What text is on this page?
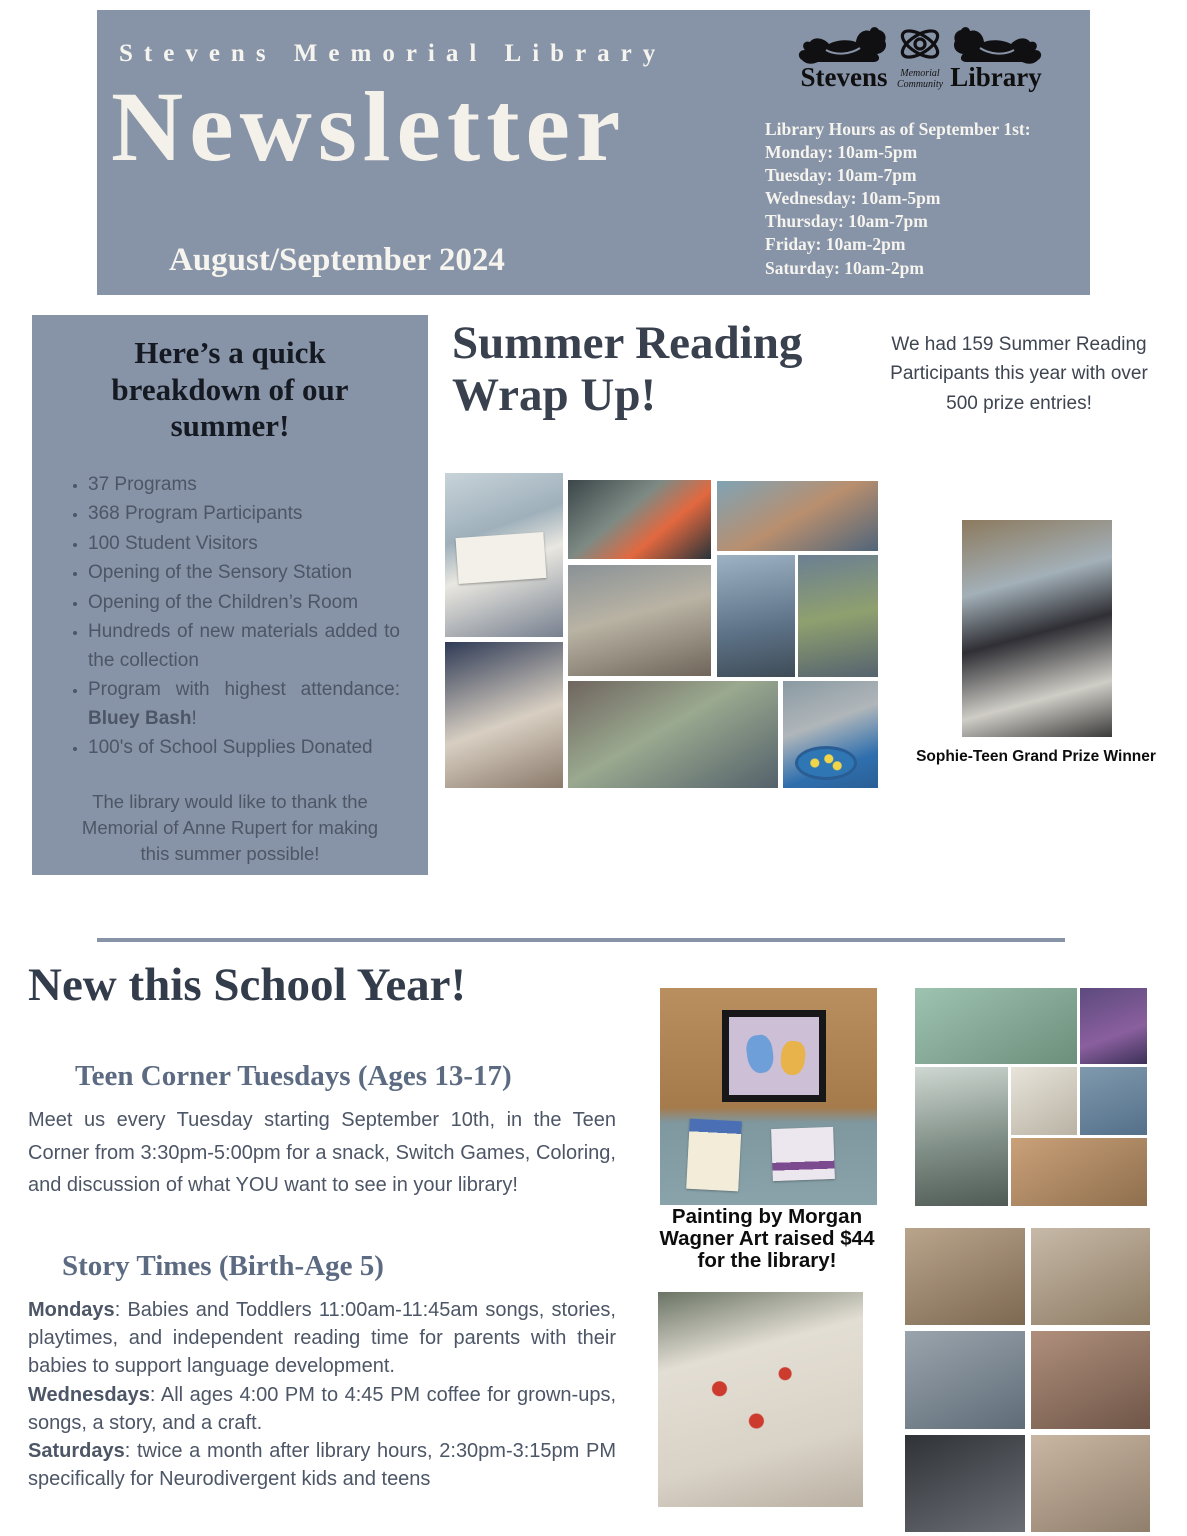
Stevens Memorial Library
Newsletter
August/September 2024
Stevens Memorial
Community Library
Library Hours as of September 1st:
Monday: 10am-5pm
Tuesday: 10am-7pm
Wednesday: 10am-5pm
Thursday: 10am-7pm
Friday: 10am-2pm
Saturday: 10am-2pm
Here’s a quick breakdown of our summer!
• 37 Programs
• 368 Program Participants
• 100 Student Visitors
• Opening of the Sensory Station
• Opening of the Children’s Room
• Hundreds of new materials added to the collection
• Program with highest attendance: Bluey Bash!
• 100's of School Supplies Donated
The library would like to thank the Memorial of Anne Rupert for making this summer possible!
Summer Reading Wrap Up!
We had 159 Summer Reading Participants this year with over 500 prize entries!
Sophie-Teen Grand Prize Winner
New this School Year!
Teen Corner Tuesdays (Ages 13-17)
Meet us every Tuesday starting September 10th, in the Teen Corner from 3:30pm-5:00pm for a snack, Switch Games, Coloring, and discussion of what YOU want to see in your library!
Story Times (Birth-Age 5)

Mondays: Babies and Toddlers 11:00am-11:45am songs, stories, playtimes, and independent reading time for parents with their babies to support language development.

Wednesdays: All ages 4:00 PM to 4:45 PM coffee for grown-ups, songs, a story, and a craft.

Saturdays: twice a month after library hours, 2:30pm-3:15pm PM specifically for Neurodivergent kids and teens

Painting by Morgan Wagner Art raised $44 for the library!
